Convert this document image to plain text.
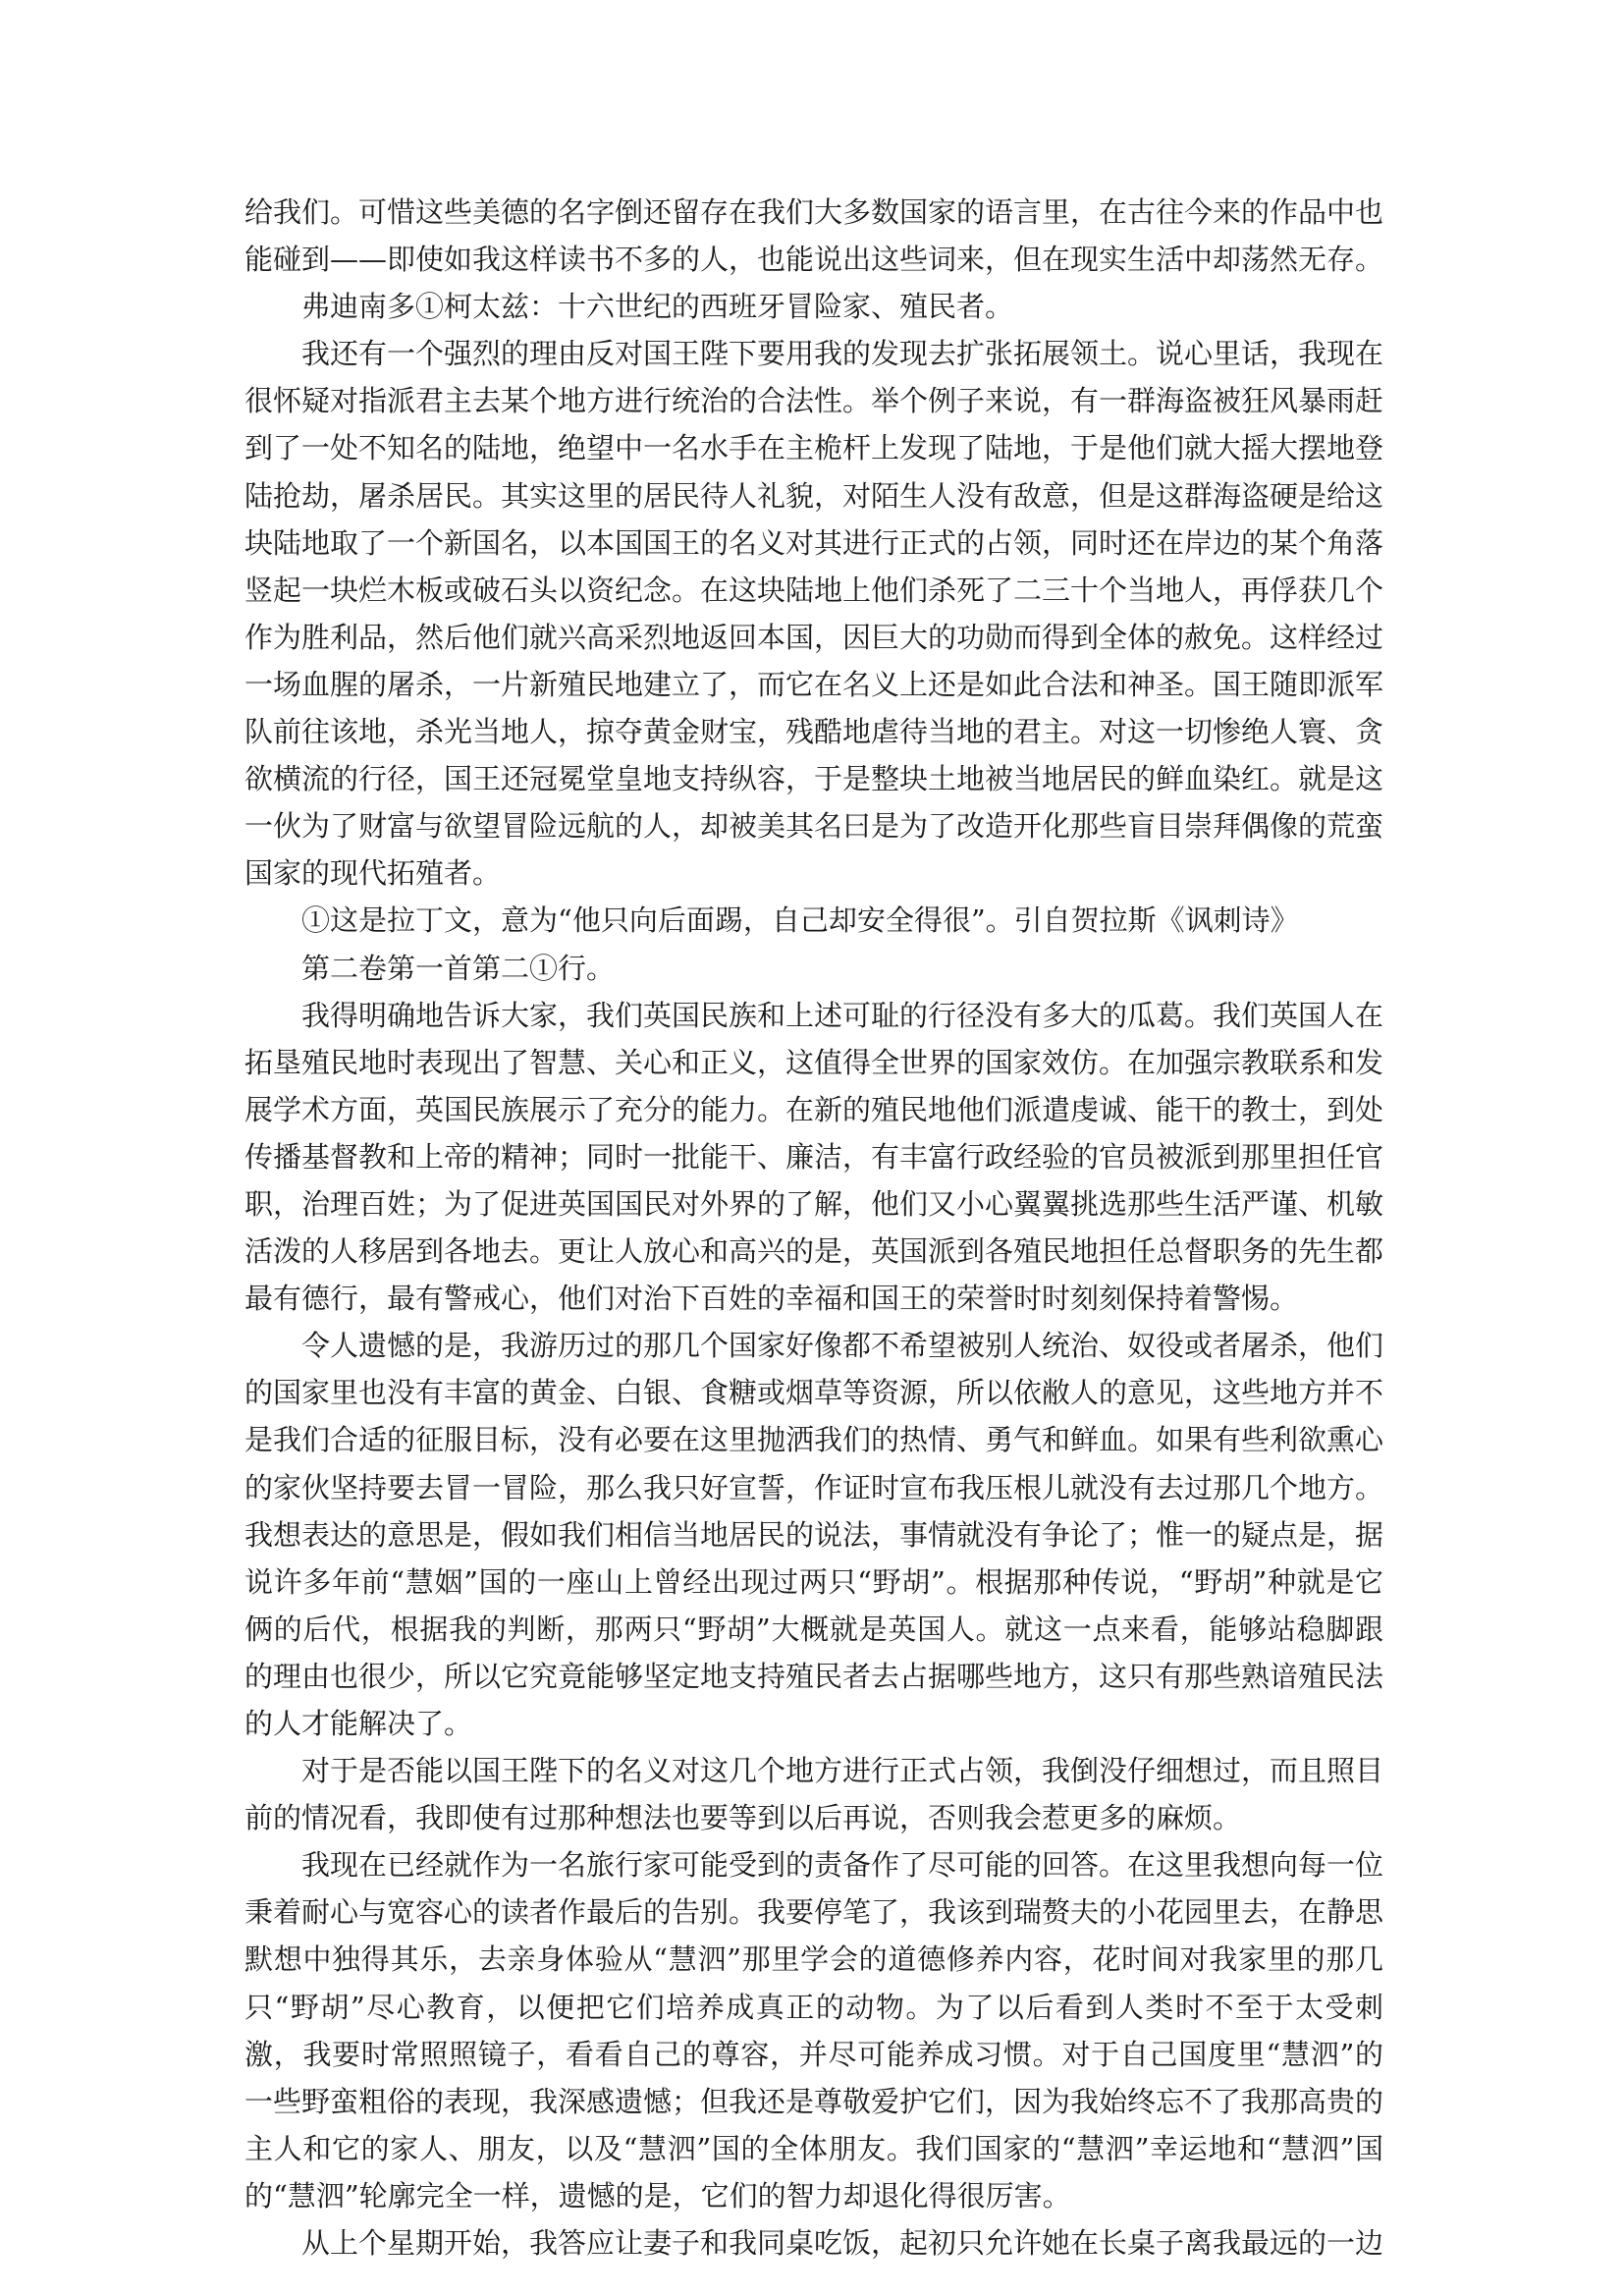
给我们。可惜这些美德的名字倒还留存在我们大多数国家的语言里，在古往今来的作品中也能碰到——即使如我这样读书不多的人，也能说出这些词来，但在现实生活中却荡然无存。

弗迪南多①柯太兹：十六世纪的西班牙冒险家、殖民者。

我还有一个强烈的理由反对国王陛下要用我的发现去扩张拓展领土。说心里话，我现在很怀疑对指派君主去某个地方进行统治的合法性。举个例子来说，有一群海盗被狂风暴雨赶到了一处不知名的陆地，绝望中一名水手在主桅杆上发现了陆地，于是他们就大摇大摆地登陆抢劫，屠杀居民。其实这里的居民待人礼貌，对陌生人没有敌意，但是这群海盗硬是给这块陆地取了一个新国名，以本国国王的名义对其进行正式的占领，同时还在岸边的某个角落竖起一块烂木板或破石头以资纪念。在这块陆地上他们杀死了二三十个当地人，再俘获几个作为胜利品，然后他们就兴高采烈地返回本国，因巨大的功勋而得到全体的赦免。这样经过一场血腥的屠杀，一片新殖民地建立了，而它在名义上还是如此合法和神圣。国王随即派军队前往该地，杀光当地人，掠夺黄金财宝，残酷地虐待当地的君主。对这一切惨绝人寰、贪欲横流的行径，国王还冠冕堂皇地支持纵容，于是整块土地被当地居民的鲜血染红。就是这一伙为了财富与欲望冒险远航的人，却被美其名曰是为了改造开化那些盲目崇拜偶像的荒蛮国家的现代拓殖者。

①这是拉丁文，意为“他只向后面踢，自己却安全得很”。引自贺拉斯《讽刺诗》

第二卷第一首第二①行。

我得明确地告诉大家，我们英国民族和上述可耻的行径没有多大的瓜葛。我们英国人在拓垦殖民地时表现出了智慧、关心和正义，这值得全世界的国家效仿。在加强宗教联系和发展学术方面，英国民族展示了充分的能力。在新的殖民地他们派遣虔诚、能干的教士，到处传播基督教和上帝的精神；同时一批能干、廉洁，有丰富行政经验的官员被派到那里担任官职，治理百姓；为了促进英国国民对外界的了解，他们又小心翼翼挑选那些生活严谨、机敏活泼的人移居到各地去。更让人放心和高兴的是，英国派到各殖民地担任总督职务的先生都最有德行，最有警戒心，他们对治下百姓的幸福和国王的荣誉时时刻刻保持着警惕。

令人遗憾的是，我游历过的那几个国家好像都不希望被别人统治、奴役或者屠杀，他们的国家里也没有丰富的黄金、白银、食糖或烟草等资源，所以依敝人的意见，这些地方并不是我们合适的征服目标，没有必要在这里抛洒我们的热情、勇气和鲜血。如果有些利欲熏心的家伙坚持要去冒一冒险，那么我只好宣誓，作证时宣布我压根儿就没有去过那几个地方。我想表达的意思是，假如我们相信当地居民的说法，事情就没有争论了；惟一的疑点是，据说许多年前“慧姻”国的一座山上曾经出现过两只“野胡”。根据那种传说，“野胡”种就是它俩的后代，根据我的判断，那两只“野胡”大概就是英国人。就这一点来看，能够站稳脚跟的理由也很少，所以它究竟能够坚定地支持殖民者去占据哪些地方，这只有那些熟谙殖民法的人才能解决了。

对于是否能以国王陛下的名义对这几个地方进行正式占领，我倒没仔细想过，而且照目前的情况看，我即使有过那种想法也要等到以后再说，否则我会惹更多的麻烦。

我现在已经就作为一名旅行家可能受到的责备作了尽可能的回答。在这里我想向每一位秉着耐心与宽容心的读者作最后的告别。我要停笔了，我该到瑞赘夫的小花园里去，在静思默想中独得其乐，去亲身体验从“慧泗”那里学会的道德修养内容，花时间对我家里的那几只“野胡”尽心教育，以便把它们培养成真正的动物。为了以后看到人类时不至于太受刺激，我要时常照照镜子，看看自己的尊容，并尽可能养成习惯。对于自己国度里“慧泗”的一些野蛮粗俗的表现，我深感遗憾；但我还是尊敬爱护它们，因为我始终忘不了我那高贵的主人和它的家人、朋友，以及“慧泗”国的全体朋友。我们国家的“慧泗”幸运地和“慧泗”国的“慧泗”轮廓完全一样，遗憾的是，它们的智力却退化得很厉害。

从上个星期开始，我答应让妻子和我同桌吃饭，起初只允许她在长桌子离我最远的一边
